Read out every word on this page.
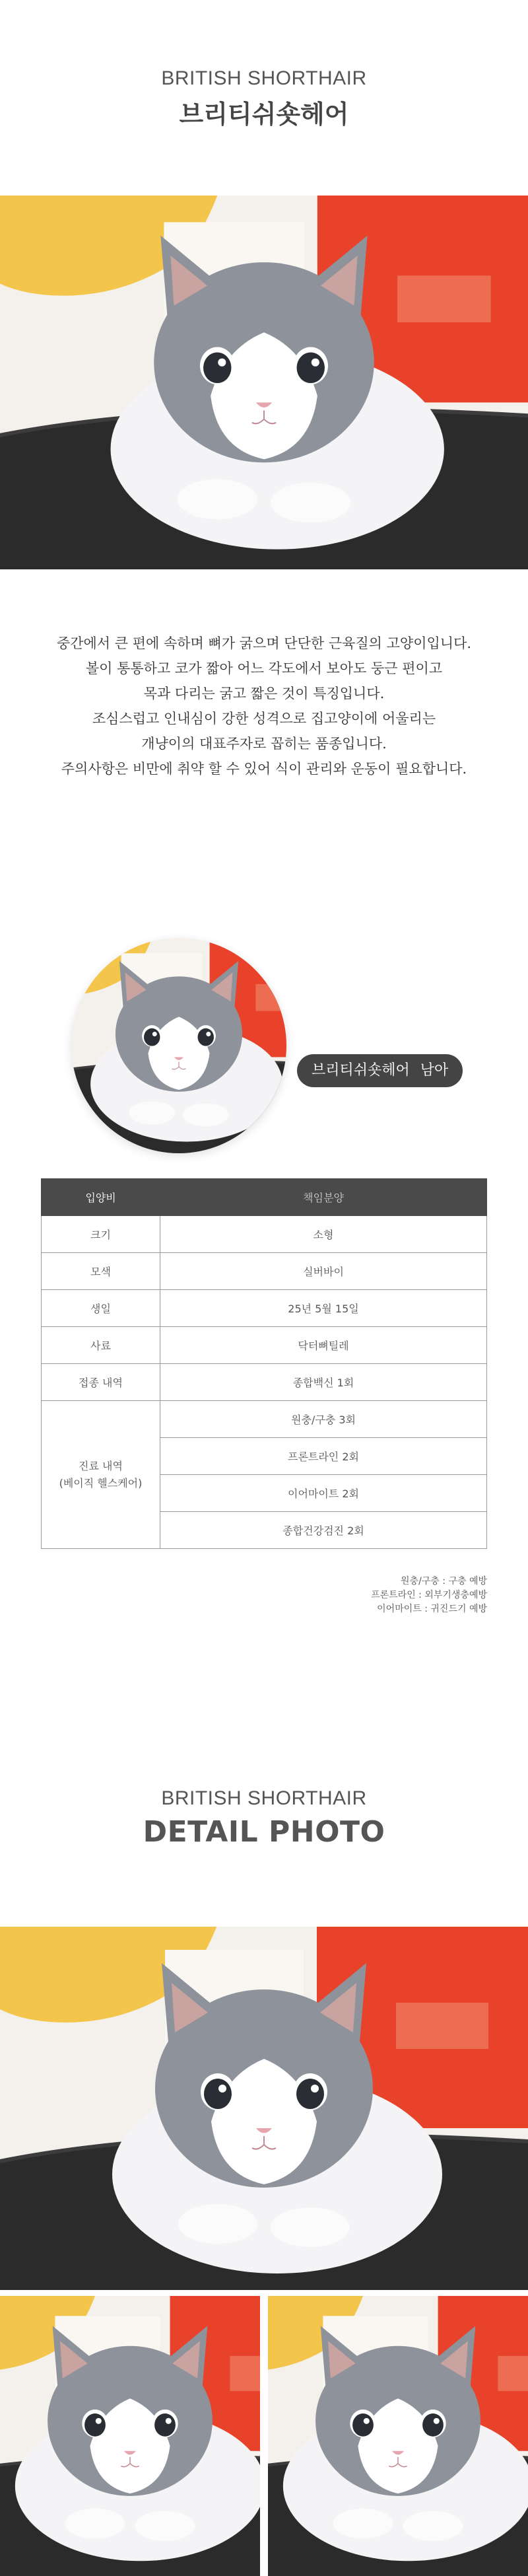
BRITISH SHORTHAIR
브리티쉬숏헤어
중간에서 큰 편에 속하며 뼈가 굵으며 단단한 근육질의 고양이입니다.
볼이 통통하고 코가 짧아 어느 각도에서 보아도 둥근 편이고
목과 다리는 굵고 짧은 것이 특징입니다.
조심스럽고 인내심이 강한 성격으로 집고양이에 어울리는
개냥이의 대표주자로 꼽히는 품종입니다.
주의사항은 비만에 취약 할 수 있어 식이 관리와 운동이 필요합니다.
브리티쉬숏헤어 남아
입양비	책임분양
크기	소형
모색	실버바이
생일	25년 5월 15일
사료	닥터뼈틸레
접종 내역	종합백신 1회

진료 내역
(베이직 헬스케어)	원충/구충 3회
	프론트라인 2회
	이어마이트 2회
	종합건강검진 2회
원충/구충 : 구충 예방
프론트라인 : 외부기생충예방
이어마이트 : 귀진드기 예방
BRITISH SHORTHAIR
DETAIL PHOTO
